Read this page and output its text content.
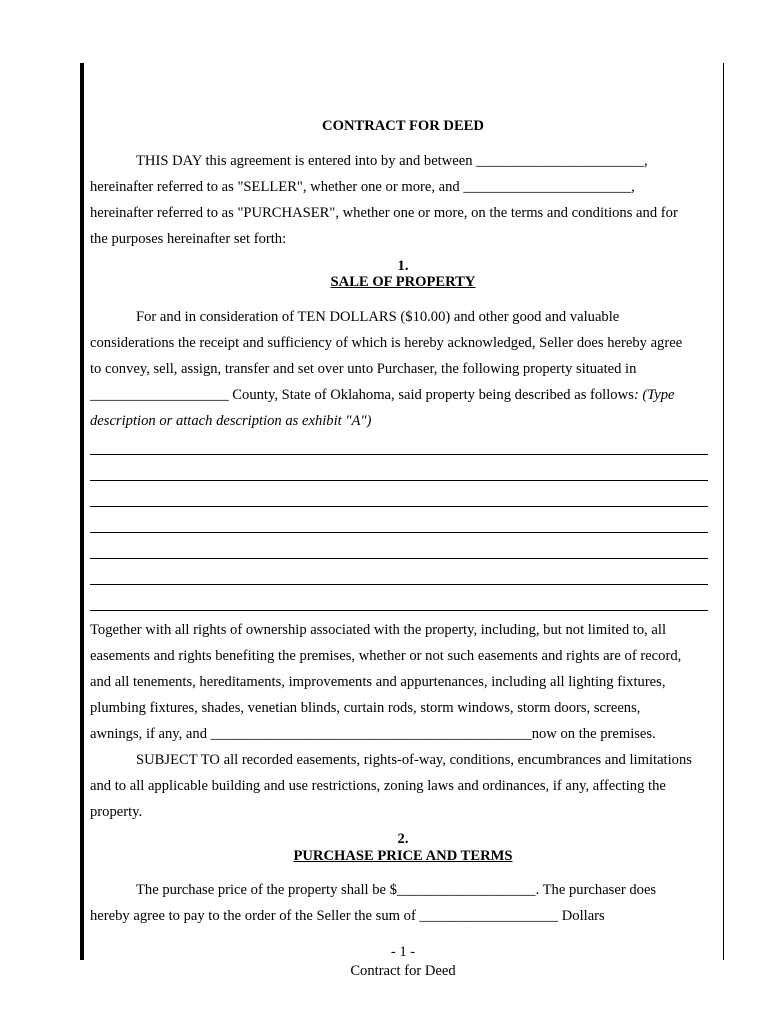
CONTRACT FOR DEED
THIS DAY this agreement is entered into by and between _______________________,
hereinafter referred to as "SELLER", whether one or more, and _______________________,
hereinafter referred to as "PURCHASER", whether one or more, on the terms and conditions and for
the purposes hereinafter set forth:
1.
SALE OF PROPERTY
For and in consideration of TEN DOLLARS ($10.00) and other good and valuable
considerations the receipt and sufficiency of which is hereby acknowledged, Seller does hereby agree
to convey, sell, assign, transfer and set over unto Purchaser, the following property situated in
___________________ County, State of Oklahoma, said property being described as follows: (Type
description or attach description as exhibit "A")
Together with all rights of ownership associated with the property, including, but not limited to, all
easements and rights benefiting the premises, whether or not such easements and rights are of record,
and all tenements, hereditaments, improvements and appurtenances, including all lighting fixtures,
plumbing fixtures, shades, venetian blinds, curtain rods, storm windows, storm doors, screens,
awnings, if any, and ____________________________________________now on the premises.
SUBJECT TO all recorded easements, rights-of-way, conditions, encumbrances and limitations
and to all applicable building and use restrictions, zoning laws and ordinances, if any, affecting the
property.
2.
PURCHASE PRICE AND TERMS
The purchase price of the property shall be $___________________. The purchaser does
hereby agree to pay to the order of the Seller the sum of ___________________ Dollars
- 1 -
Contract for Deed
